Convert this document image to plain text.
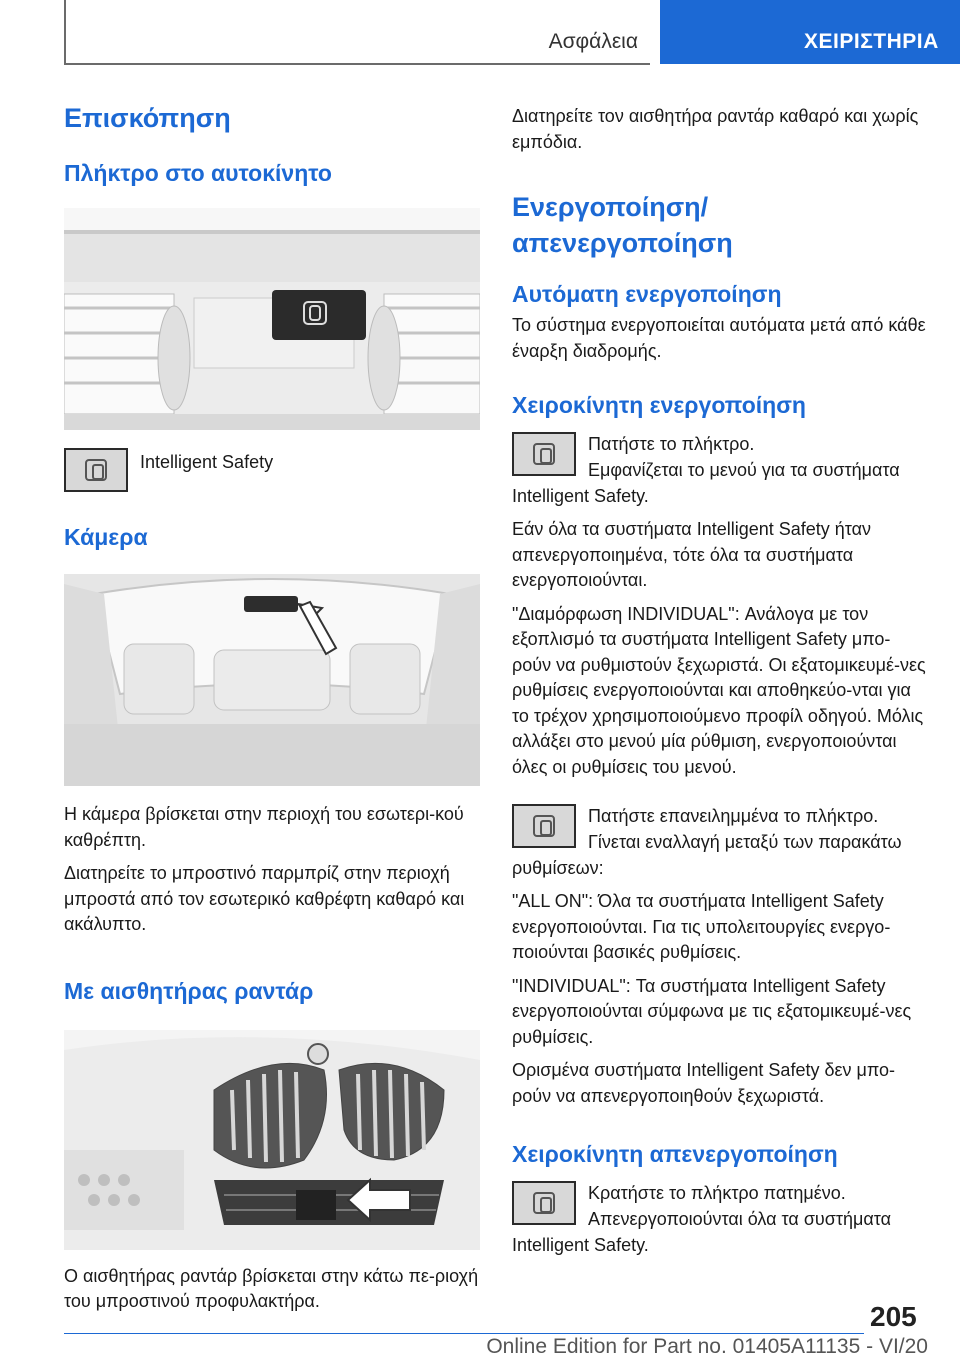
Ασφάλεια	ΧΕΙΡΙΣΤΗΡΙΑ
Επισκόπηση
Πλήκτρο στο αυτοκίνητο

Intelligent Safety

Κάμερα

Η κάμερα βρίσκεται στην περιοχή του εσωτερι-κού καθρέπτη.

Διατηρείτε το μπροστινό παρμπρίζ στην περιοχή μπροστά από τον εσωτερικό καθρέφτη καθαρό και ακάλυπτο.

Με αισθητήρας ραντάρ

Ο αισθητήρας ραντάρ βρίσκεται στην κάτω πε-ριοχή του μπροστινού προφυλακτήρα.

Διατηρείτε τον αισθητήρα ραντάρ καθαρό και χωρίς εμπόδια.

Ενεργοποίηση/απενεργοποίηση
Αυτόματη ενεργοποίηση

Το σύστημα ενεργοποιείται αυτόματα μετά από κάθε έναρξη διαδρομής.

Χειροκίνητη ενεργοποίηση

Πατήστε το πλήκτρο.

Εμφανίζεται το μενού για τα συστήματα Intelligent Safety.

Εάν όλα τα συστήματα Intelligent Safety ήταν απενεργοποιημένα, τότε όλα τα συστήματα ενεργοποιούνται.

"Διαμόρφωση INDIVIDUAL": Ανάλογα με τον εξοπλισμό τα συστήματα Intelligent Safety μπο-ρούν να ρυθμιστούν ξεχωριστά. Οι εξατομικευμέ-νες ρυθμίσεις ενεργοποιούνται και αποθηκεύο-νται για το τρέχον χρησιμοποιούμενο προφίλ οδηγού. Μόλις αλλάξει στο μενού μία ρύθμιση, ενεργοποιούνται όλες οι ρυθμίσεις του μενού.

Πατήστε επανειλημμένα το πλήκτρο.

Γίνεται εναλλαγή μεταξύ των παρακάτω ρυθμίσεων:

"ALL ON": Όλα τα συστήματα Intelligent Safety ενεργοποιούνται. Για τις υπολειτουργίες ενεργο-ποιούνται βασικές ρυθμίσεις.

"INDIVIDUAL": Τα συστήματα Intelligent Safety ενεργοποιούνται σύμφωνα με τις εξατομικευμέ-νες ρυθμίσεις.

Ορισμένα συστήματα Intelligent Safety δεν μπο-ρούν να απενεργοποιηθούν ξεχωριστά.

Χειροκίνητη απενεργοποίηση

Κρατήστε το πλήκτρο πατημένο.

Απενεργοποιούνται όλα τα συστήματα Intelligent Safety.

205
Online Edition for Part no. 01405A11135 - VI/20
